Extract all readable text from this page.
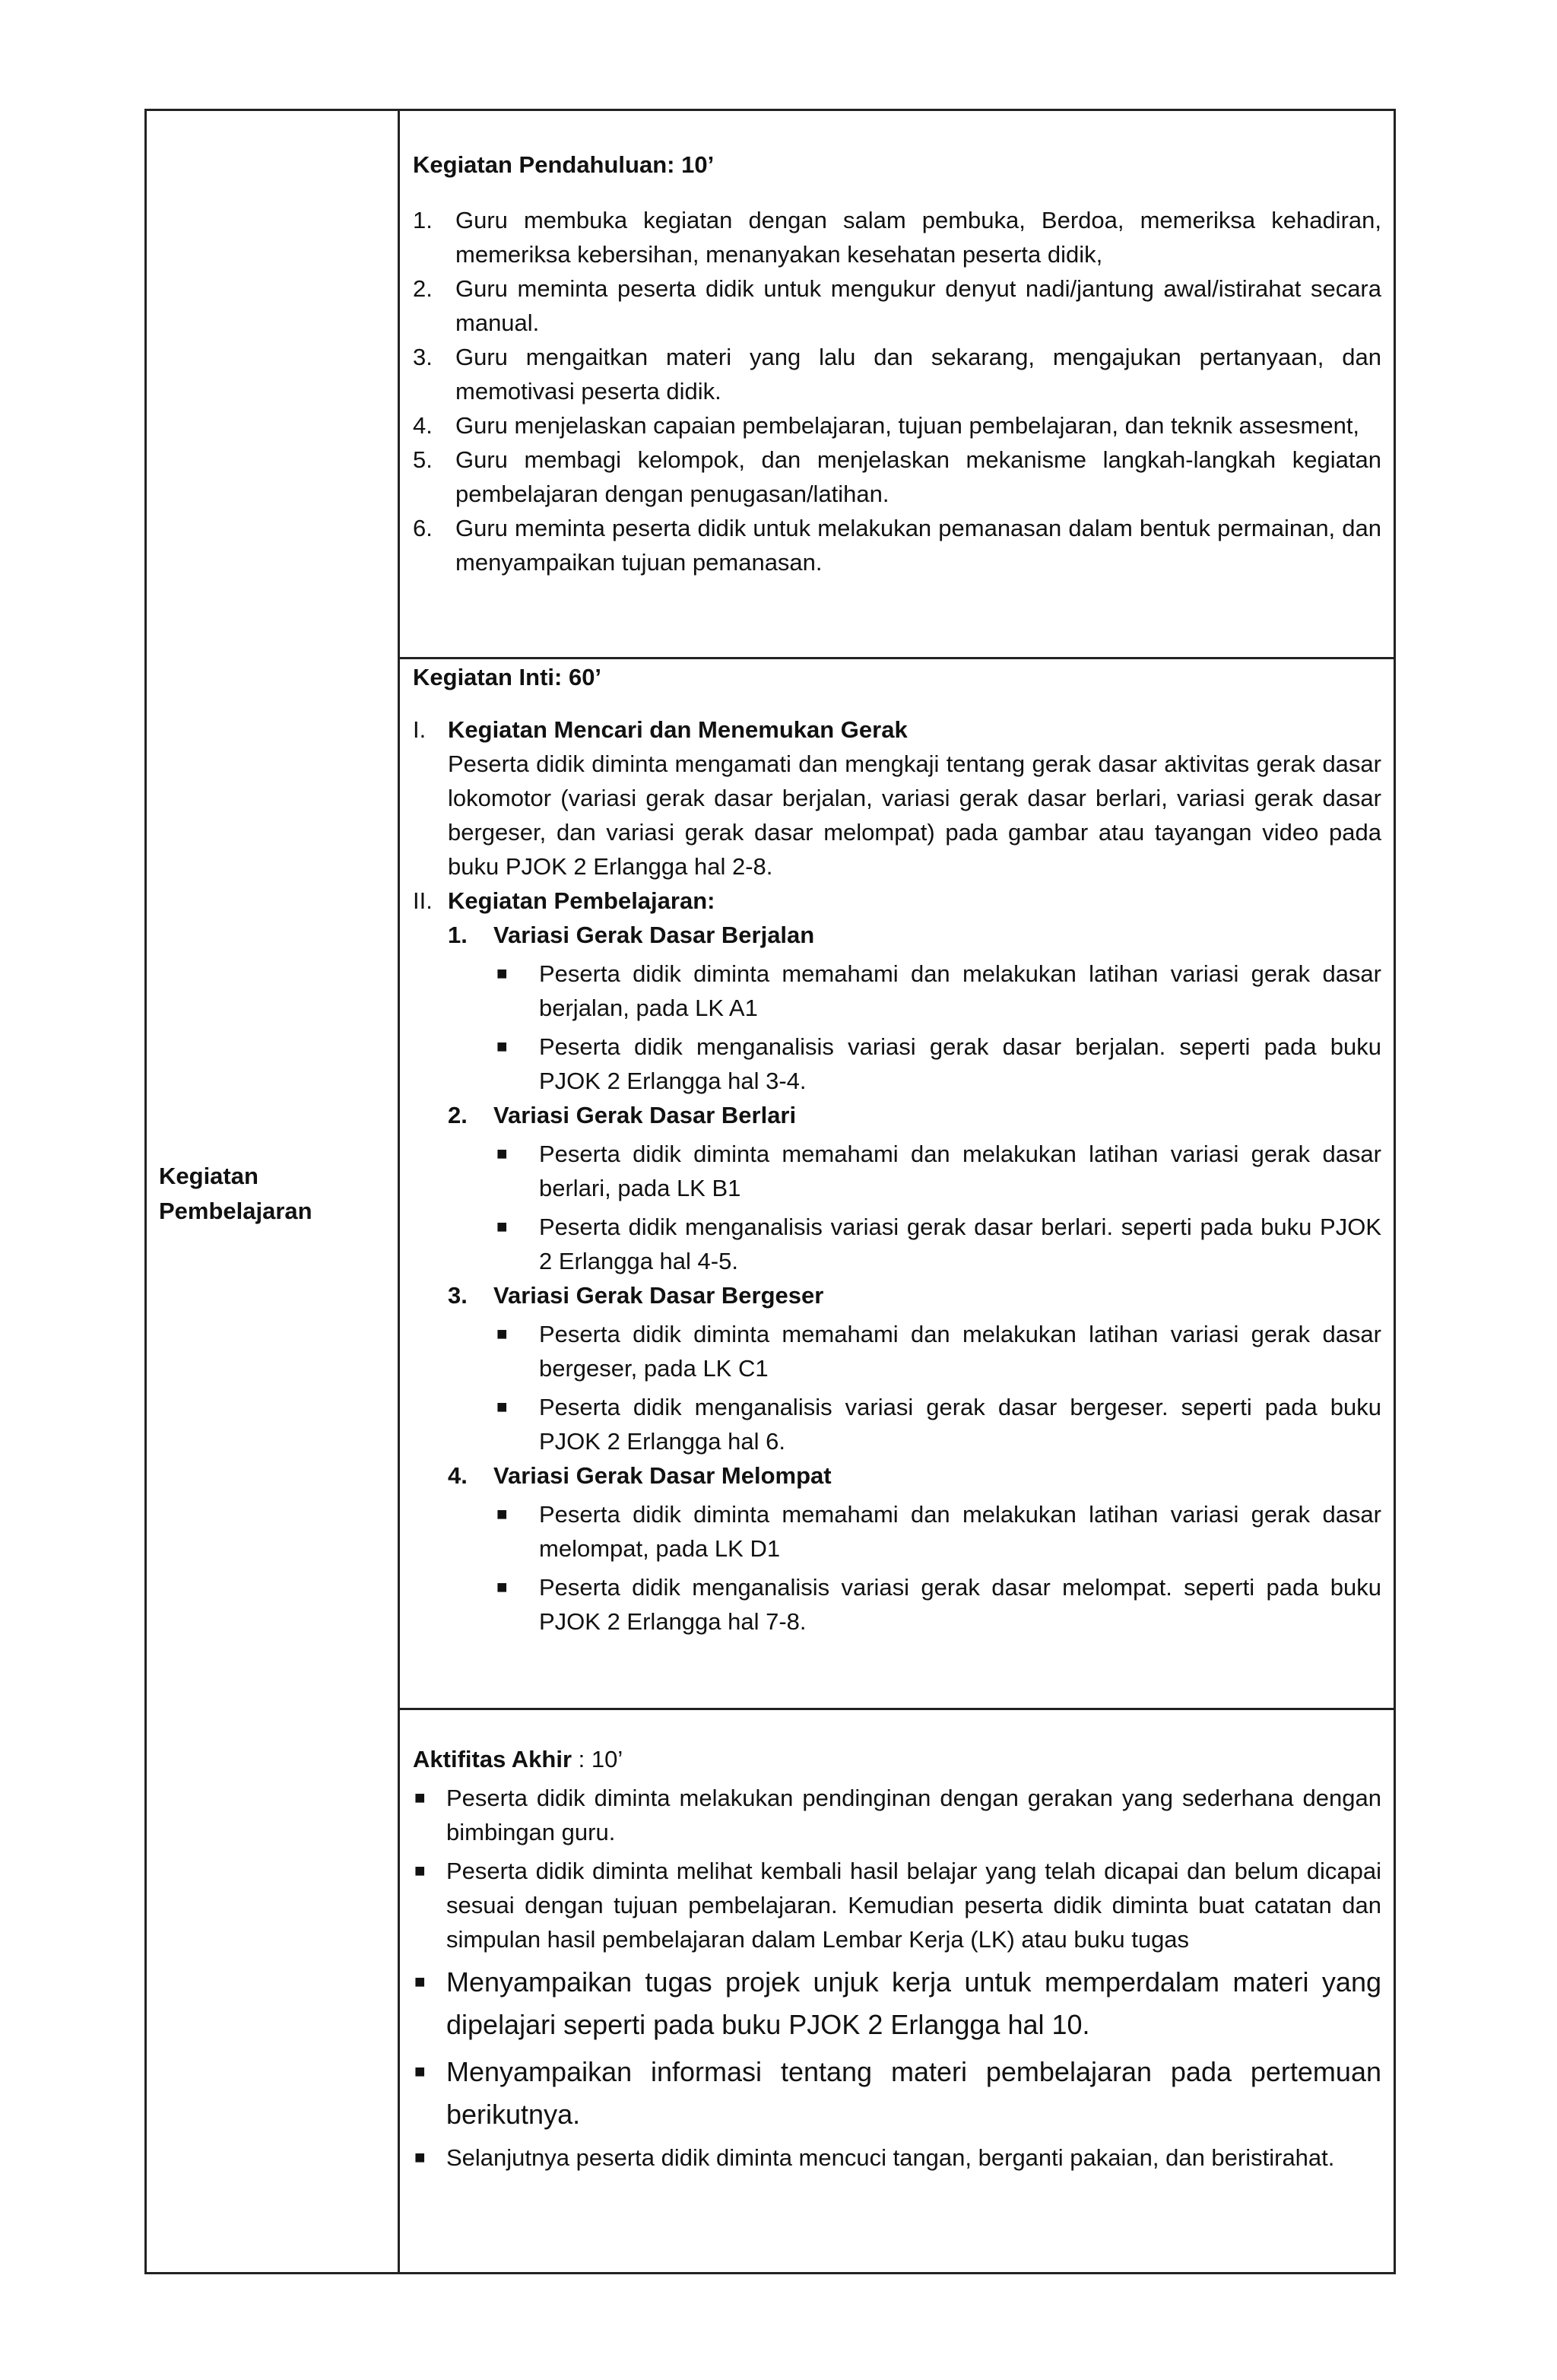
Kegiatan Pembelajaran

Kegiatan Pendahuluan: 10’

1. Guru membuka kegiatan dengan salam pembuka, Berdoa, memeriksa kehadiran, memeriksa kebersihan, menanyakan kesehatan peserta didik,
2. Guru meminta peserta didik untuk mengukur denyut nadi/jantung awal/istirahat secara manual.
3. Guru mengaitkan materi yang lalu dan sekarang, mengajukan pertanyaan, dan memotivasi peserta didik.
4. Guru menjelaskan capaian pembelajaran, tujuan pembelajaran, dan teknik assesment,
5. Guru membagi kelompok, dan menjelaskan mekanisme langkah-langkah kegiatan pembelajaran dengan penugasan/latihan.
6. Guru meminta peserta didik untuk melakukan pemanasan dalam bentuk permainan, dan menyampaikan tujuan pemanasan.

Kegiatan Inti: 60’

I. Kegiatan Mencari dan Menemukan Gerak
Peserta didik diminta mengamati dan mengkaji tentang gerak dasar aktivitas gerak dasar lokomotor (variasi gerak dasar berjalan, variasi gerak dasar berlari, variasi gerak dasar bergeser, dan variasi gerak dasar melompat) pada gambar atau tayangan video pada buku PJOK 2 Erlangga hal 2-8.
II. Kegiatan Pembelajaran:
1. Variasi Gerak Dasar Berjalan
■ Peserta didik diminta memahami dan melakukan latihan variasi gerak dasar berjalan, pada LK A1
■ Peserta didik menganalisis variasi gerak dasar berjalan. seperti pada buku PJOK 2 Erlangga hal 3-4.
2. Variasi Gerak Dasar Berlari
■ Peserta didik diminta memahami dan melakukan latihan variasi gerak dasar berlari, pada LK B1
■ Peserta didik menganalisis variasi gerak dasar berlari. seperti pada buku PJOK 2 Erlangga hal 4-5.
3. Variasi Gerak Dasar Bergeser
■ Peserta didik diminta memahami dan melakukan latihan variasi gerak dasar bergeser, pada LK C1
■ Peserta didik menganalisis variasi gerak dasar bergeser. seperti pada buku PJOK 2 Erlangga hal 6.
4. Variasi Gerak Dasar Melompat
■ Peserta didik diminta memahami dan melakukan latihan variasi gerak dasar melompat, pada LK D1
■ Peserta didik menganalisis variasi gerak dasar melompat. seperti pada buku PJOK 2 Erlangga hal 7-8.

Aktifitas Akhir : 10’

■ Peserta didik diminta melakukan pendinginan dengan gerakan yang sederhana dengan bimbingan guru.
■ Peserta didik diminta melihat kembali hasil belajar yang telah dicapai dan belum dicapai sesuai dengan tujuan pembelajaran. Kemudian peserta didik diminta buat catatan dan simpulan hasil pembelajaran dalam Lembar Kerja (LK) atau buku tugas
■ Menyampaikan tugas projek unjuk kerja untuk memperdalam materi yang dipelajari seperti pada buku PJOK 2 Erlangga hal 10.
■ Menyampaikan informasi tentang materi pembelajaran pada pertemuan berikutnya.
■ Selanjutnya peserta didik diminta mencuci tangan, berganti pakaian, dan beristirahat.
